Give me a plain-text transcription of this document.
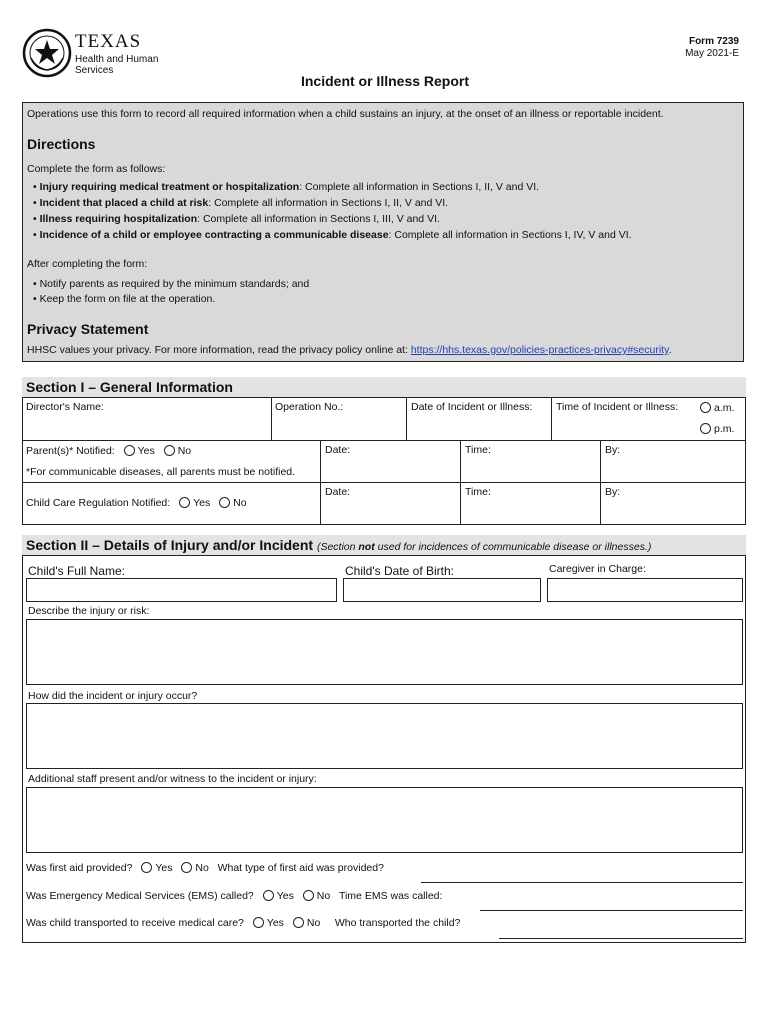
TEXAS
Health and Human
Services
Form 7239
May 2021-E
Incident or Illness Report
Operations use this form to record all required information when a child sustains an injury, at the onset of an illness or reportable incident.
Directions
Complete the form as follows:
• Injury requiring medical treatment or hospitalization: Complete all information in Sections I, II, V and VI.
• Incident that placed a child at risk: Complete all information in Sections I, II, V and VI.
• Illness requiring hospitalization: Complete all information in Sections I, III, V and VI.
• Incidence of a child or employee contracting a communicable disease: Complete all information in Sections I, IV, V and VI.
After completing the form:
• Notify parents as required by the minimum standards; and
• Keep the form on file at the operation.
Privacy Statement
HHSC values your privacy. For more information, read the privacy policy online at: https://hhs.texas.gov/policies-practices-privacy#security.
Section I – General Information
Director's Name:	Operation No.:	Date of Incident or Illness: Time of Incident or Illness:	a.m.
p.m.
Parent(s)* Notified: Yes No
*For communicable diseases, all parents must be notified.
Date:	Time:	By:
Child Care Regulation Notified: Yes No
Date:	Time:	By:
Section II – Details of Injury and/or Incident (Section not used for incidences of communicable disease or illnesses.)
Child's Full Name:	Child's Date of Birth:	Caregiver in Charge:
Describe the injury or risk:
How did the incident or injury occur?
Additional staff present and/or witness to the incident or injury:
Was first aid provided? Yes No What type of first aid was provided?
Was Emergency Medical Services (EMS) called? Yes No Time EMS was called:
Was child transported to receive medical care? Yes No Who transported the child?
